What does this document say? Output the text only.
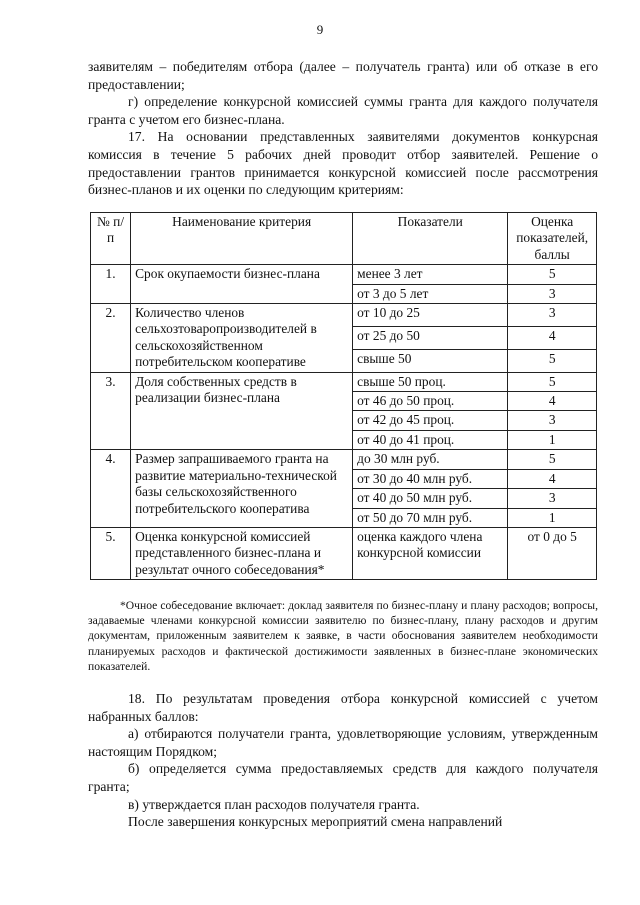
9

заявителям – победителям отбора (далее – получатель гранта) или об отказе в его предоставлении;

г) определение конкурсной комиссией суммы гранта для каждого получателя гранта с учетом его бизнес-плана.

17. На основании представленных заявителями документов конкурсная комиссия в течение 5 рабочих дней проводит отбор заявителей. Решение о предоставлении грантов принимается конкурсной комиссией после рассмотрения бизнес-планов и их оценки по следующим критериям:

№ п/п	Наименование критерия	Показатели	Оценка показателей, баллы
1.	Срок окупаемости бизнес-плана	менее 3 лет	5
		от 3 до 5 лет	3
2.	Количество членов сельхозтоваропроизводителей в сельскохозяйственном потребительском кооперативе	от 10 до 25	3
		от 25 до 50	4
		свыше 50	5
3.	Доля собственных средств в реализации бизнес-плана	свыше 50 проц.	5
		от 46 до 50 проц.	4
		от 42 до 45 проц.	3
		от 40 до 41 проц.	1
4.	Размер запрашиваемого гранта на развитие материально-технической базы сельскохозяйственного потребительского кооператива	до 30 млн руб.	5
		от 30 до 40 млн руб.	4
		от 40 до 50 млн руб.	3
		от 50 до 70 млн руб.	1
5.	Оценка конкурсной комиссией представленного бизнес-плана и результат очного собеседования*	оценка каждого члена конкурсной комиссии	от 0 до 5

*Очное собеседование включает: доклад заявителя по бизнес-плану и плану расходов; вопросы, задаваемые членами конкурсной комиссии заявителю по бизнес-плану, плану расходов и другим документам, приложенным заявителем к заявке, в части обоснования заявителем необходимости планируемых расходов и фактической достижимости заявленных в бизнес-плане экономических показателей.

18. По результатам проведения отбора конкурсной комиссией с учетом набранных баллов:

а) отбираются получатели гранта, удовлетворяющие условиям, утвержденным настоящим Порядком;

б) определяется сумма предоставляемых средств для каждого получателя гранта;

в) утверждается план расходов получателя гранта.

После завершения конкурсных мероприятий смена направлений
